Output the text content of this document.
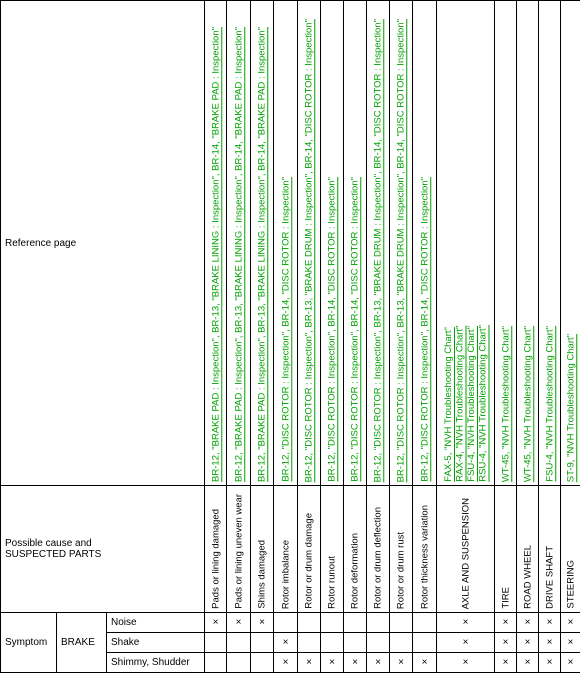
Reference page			BR-12, "BRAKE PAD : Inspection", BR-13, "BRAKE LINING : Inspection", BR-14, "BRAKE PAD : Inspection"	BR-12, "BRAKE PAD : Inspection", BR-13, "BRAKE LINING : Inspection", BR-14, "BRAKE PAD : Inspection"	BR-12, "BRAKE PAD : Inspection", BR-13, "BRAKE LINING : Inspection", BR-14, "BRAKE PAD : Inspection"	BR-12, "DISC ROTOR : Inspection", BR-14, "DISC ROTOR : Inspection"	BR-12, "DISC ROTOR : Inspection", BR-13, "BRAKE DRUM : Inspection", BR-14, "DISC ROTOR : Inspection"	BR-12, "DISC ROTOR : Inspection", BR-14, "DISC ROTOR : Inspection"	BR-12, "DISC ROTOR : Inspection", BR-14, "DISC ROTOR : Inspection"	BR-12, "DISC ROTOR : Inspection", BR-13, "BRAKE DRUM : Inspection", BR-14, "DISC ROTOR : Inspection"	BR-12, "DISC ROTOR : Inspection", BR-13, "BRAKE DRUM : Inspection", BR-14, "DISC ROTOR : Inspection"	BR-12, "DISC ROTOR : Inspection", BR-14, "DISC ROTOR : Inspection"	FAX-5, "NVH Troubleshooting Chart" RAX-4, "NVH Troubleshooting Chart" FSU-4, "NVH Troubleshooting Chart" RSU-4, "NVH Troubleshooting Chart"	WT-45, "NVH Troubleshooting Chart"	WT-45, "NVH Troubleshooting Chart"	FSU-4, "NVH Troubleshooting Chart"	ST-9, "NVH Troubleshooting Chart"

Possible cause and
SUSPECTED PARTS			Pads or lining damaged	Pads or lining uneven wear	Shims damaged	Rotor imbalance	Rotor or drum damage	Rotor runout	Rotor deformation	Rotor or drum deflection	Rotor or drum rust	Rotor thickness variation	AXLE AND SUSPENSION	TIRE	ROAD WHEEL	DRIVE SHAFT	STEERING

Symptom	BRAKE	Noise	×	×	×								×	×	×	×	×
		Shake				×							×	×	×	×	×
		Shimmy, Shudder				×	×	×	×	×	×	×	×	×	×	×	×
